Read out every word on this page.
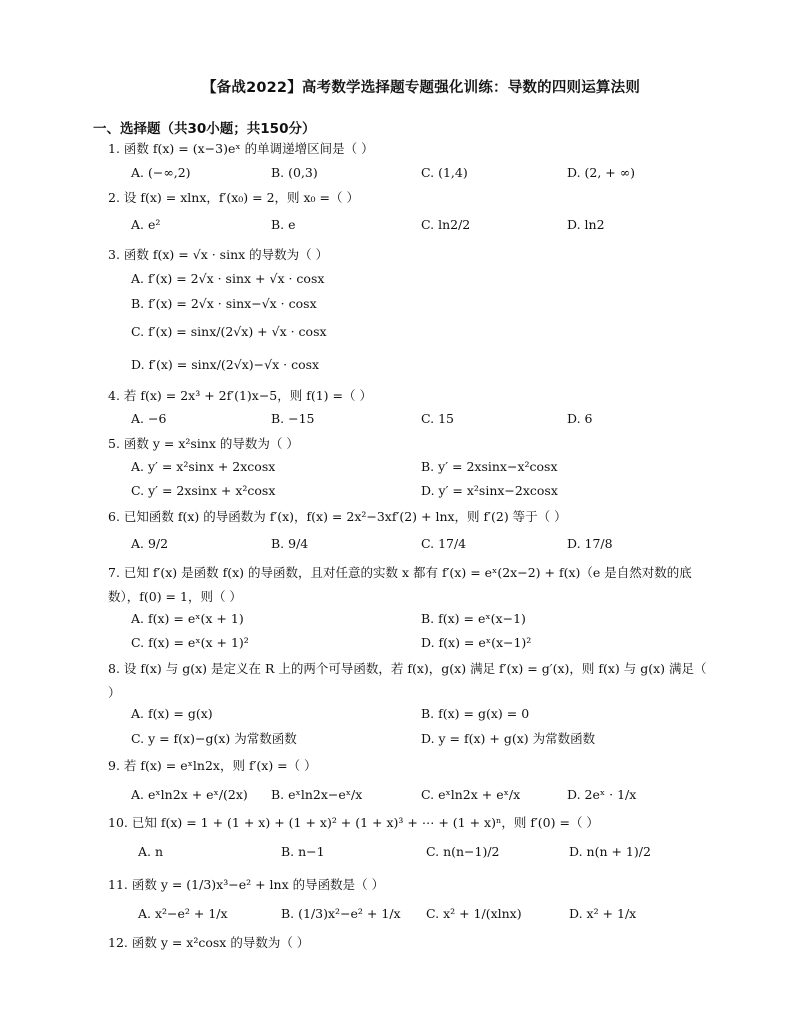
【备战2022】高考数学选择题专题强化训练：导数的四则运算法则
一、选择题（共30小题；共150分）
1. 函数 f(x) = (x−3)eˣ 的单调递增区间是（ ）
A. (−∞,2)	B. (0,3)	C. (1,4)	D. (2, + ∞)
2. 设 f(x) = xlnx，f′(x₀) = 2，则 x₀ =（ ）
A. e²	B. e	C. ln2/2	D. ln2
3. 函数 f(x) = √x · sinx 的导数为（ ）
A. f′(x) = 2√x · sinx + √x · cosx
B. f′(x) = 2√x · sinx−√x · cosx
C. f′(x) = sinx/(2√x) + √x · cosx
D. f′(x) = sinx/(2√x)−√x · cosx
4. 若 f(x) = 2x³ + 2f′(1)x−5，则 f(1) =（ ）
A. −6	B. −15	C. 15	D. 6
5. 函数 y = x²sinx 的导数为（ ）
A. y′ = x²sinx + 2xcosx	B. y′ = 2xsinx−x²cosx
C. y′ = 2xsinx + x²cosx	D. y′ = x²sinx−2xcosx
6. 已知函数 f(x) 的导函数为 f′(x)，f(x) = 2x²−3xf′(2) + lnx，则 f′(2) 等于（ ）
A. 9/2	B. 9/4	C. 17/4	D. 17/8
7. 已知 f′(x) 是函数 f(x) 的导函数，且对任意的实数 x 都有 f′(x) = eˣ(2x−2) + f(x)（e 是自然对数的底数），f(0) = 1，则（ ）
A. f(x) = eˣ(x + 1)	B. f(x) = eˣ(x−1)
C. f(x) = eˣ(x + 1)²	D. f(x) = eˣ(x−1)²
8. 设 f(x) 与 g(x) 是定义在 R 上的两个可导函数，若 f(x)，g(x) 满足 f′(x) = g′(x)，则 f(x) 与 g(x) 满足（ ）
A. f(x) = g(x)	B. f(x) = g(x) = 0
C. y = f(x)−g(x) 为常数函数	D. y = f(x) + g(x) 为常数函数
9. 若 f(x) = eˣln2x，则 f′(x) =（ ）
A. eˣln2x + eˣ/(2x) B. eˣln2x−eˣ/x	C. eˣln2x + eˣ/x	D. 2eˣ · 1/x
10. 已知 f(x) = 1 + (1 + x) + (1 + x)² + (1 + x)³ + ⋯ + (1 + x)ⁿ，则 f′(0) =（ ）
A. n	B. n−1	C. n(n−1)/2	D. n(n + 1)/2
11. 函数 y = (1/3)x³−e² + lnx 的导函数是（ ）
A. x²−e² + 1/x	B. (1/3)x²−e² + 1/x C. x² + 1/(xlnx)	D. x² + 1/x
12. 函数 y = x²cosx 的导数为（ ）
